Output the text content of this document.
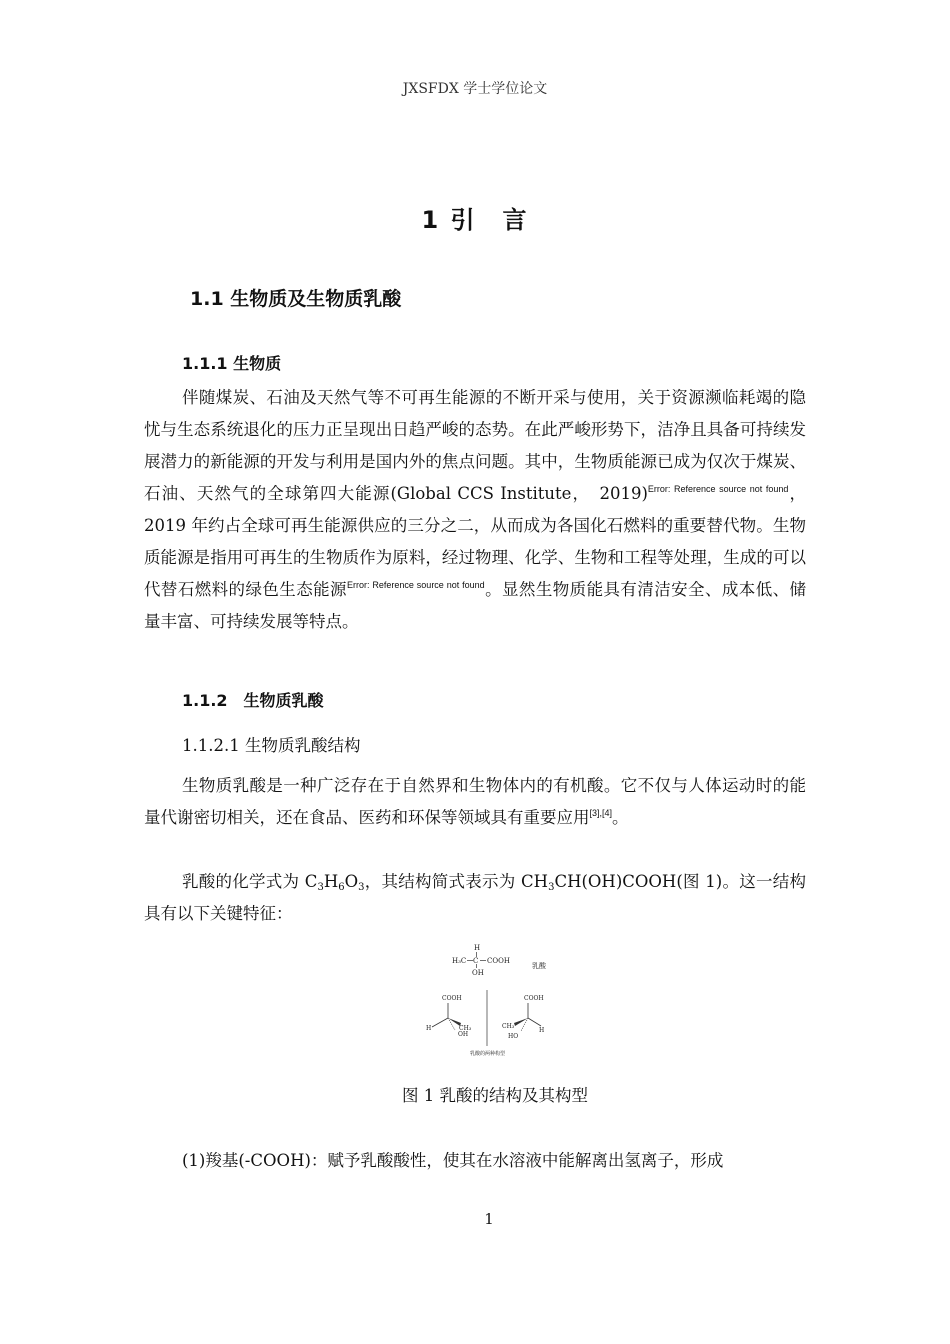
JXSFDX 学士学位论文
1 引　言
1.1 生物质及生物质乳酸
1.1.1 生物质
伴随煤炭、石油及天然气等不可再生能源的不断开采与使用，关于资源濒临耗竭的隐忧与生态系统退化的压力正呈现出日趋严峻的态势。在此严峻形势下，洁净且具备可持续发展潜力的新能源的开发与利用是国内外的焦点问题。其中，生物质能源已成为仅次于煤炭、石油、天然气的全球第四大能源(Global CCS Institute，　2019)$^{Error: Reference source not found}$，2019 年约占全球可再生能源供应的三分之二，从而成为各国化石燃料的重要替代物。生物质能源是指用可再生的生物质作为原料，经过物理、化学、生物和工程等处理，生成的可以代替石燃料的绿色生态能源$^{Error: Reference source not found}$。显然生物质能具有清洁安全、成本低、储量丰富、可持续发展等特点。
1.1.2　生物质乳酸
1.1.2.1 生物质乳酸结构
生物质乳酸是一种广泛存在于自然界和生物体内的有机酸。它不仅与人体运动时的能量代谢密切相关，还在食品、医药和环保等领域具有重要应用[3],[4]。
乳酸的化学式为 $C_3H_6O_3$，其结构简式表示为 $CH_3CH(OH)COOH$(图 1)。这一结构具有以下关键特征：
H
H₃C C COOH
OH
乳酸
COOH
H	CH₃
OH
COOH
CH₃
H
HO
乳酸的两种构型
图 1 乳酸的结构及其构型
(1)羧基(-COOH)：赋予乳酸酸性，使其在水溶液中能解离出氢离子，形成
1
